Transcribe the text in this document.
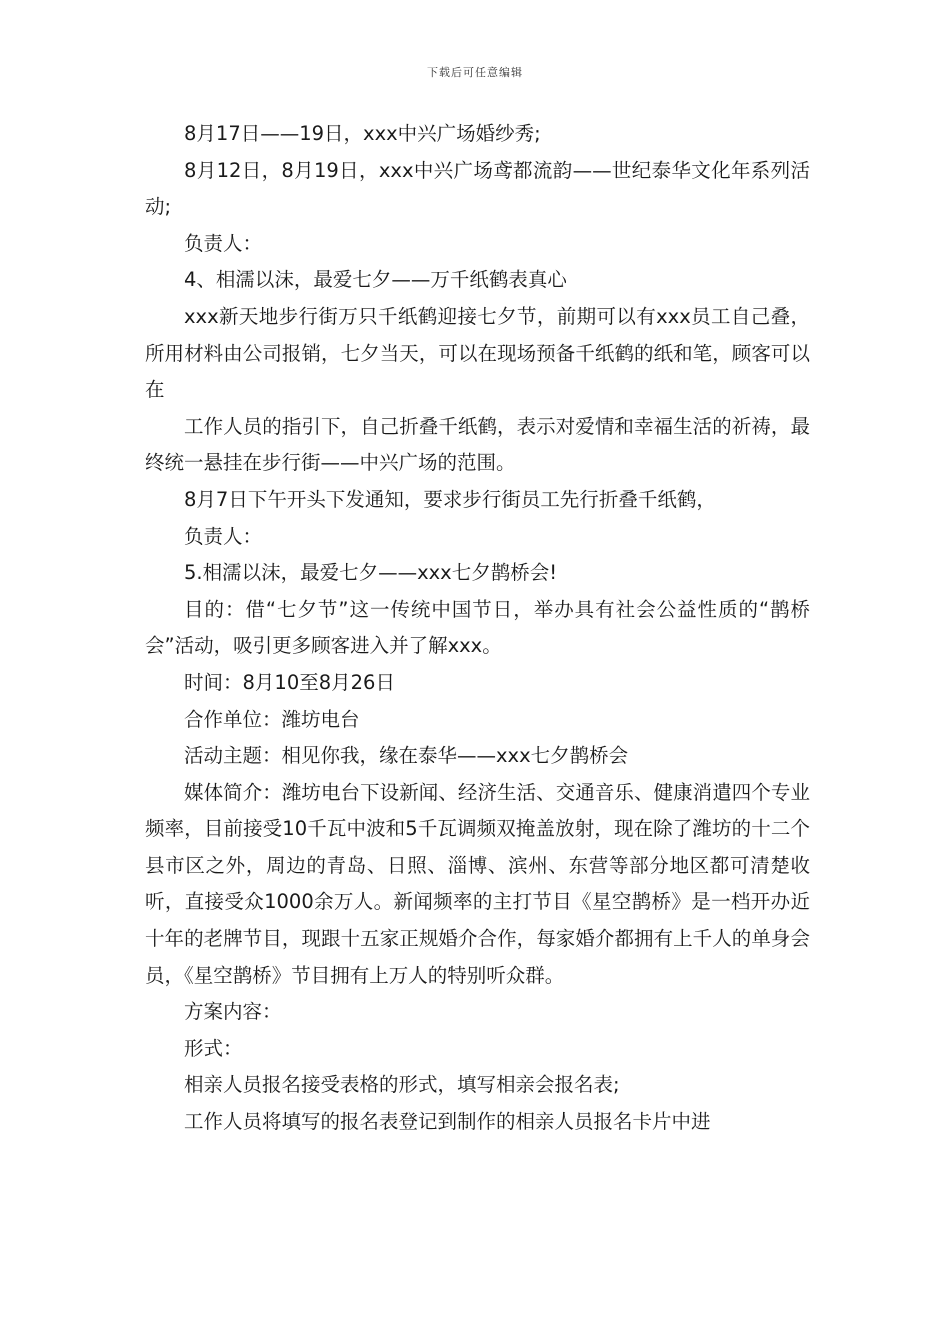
下载后可任意编辑

8月17日——19日，xxx中兴广场婚纱秀;

8月12日，8月19日，xxx中兴广场鸢都流韵——世纪泰华文化年系列活动;

负责人：

4、相濡以沫，最爱七夕——万千纸鹤表真心

xxx新天地步行街万只千纸鹤迎接七夕节，前期可以有xxx员工自己叠，所用材料由公司报销，七夕当天，可以在现场预备千纸鹤的纸和笔，顾客可以在

工作人员的指引下，自己折叠千纸鹤，表示对爱情和幸福生活的祈祷，最终统一悬挂在步行街——中兴广场的范围。

8月7日下午开头下发通知，要求步行街员工先行折叠千纸鹤，

负责人：

5.相濡以沫，最爱七夕——xxx七夕鹊桥会!

目的：借“七夕节”这一传统中国节日，举办具有社会公益性质的“鹊桥会”活动，吸引更多顾客进入并了解xxx。

时间：8月10至8月26日

合作单位：潍坊电台

活动主题：相见你我，缘在泰华——xxx七夕鹊桥会

媒体简介：潍坊电台下设新闻、经济生活、交通音乐、健康消遣四个专业频率，目前接受10千瓦中波和5千瓦调频双掩盖放射，现在除了潍坊的十二个县市区之外，周边的青岛、日照、淄博、滨州、东营等部分地区都可清楚收听，直接受众1000余万人。新闻频率的主打节目《星空鹊桥》是一档开办近十年的老牌节目，现跟十五家正规婚介合作，每家婚介都拥有上千人的单身会员，《星空鹊桥》节目拥有上万人的特别听众群。

方案内容：

形式：

相亲人员报名接受表格的形式，填写相亲会报名表;

工作人员将填写的报名表登记到制作的相亲人员报名卡片中进
